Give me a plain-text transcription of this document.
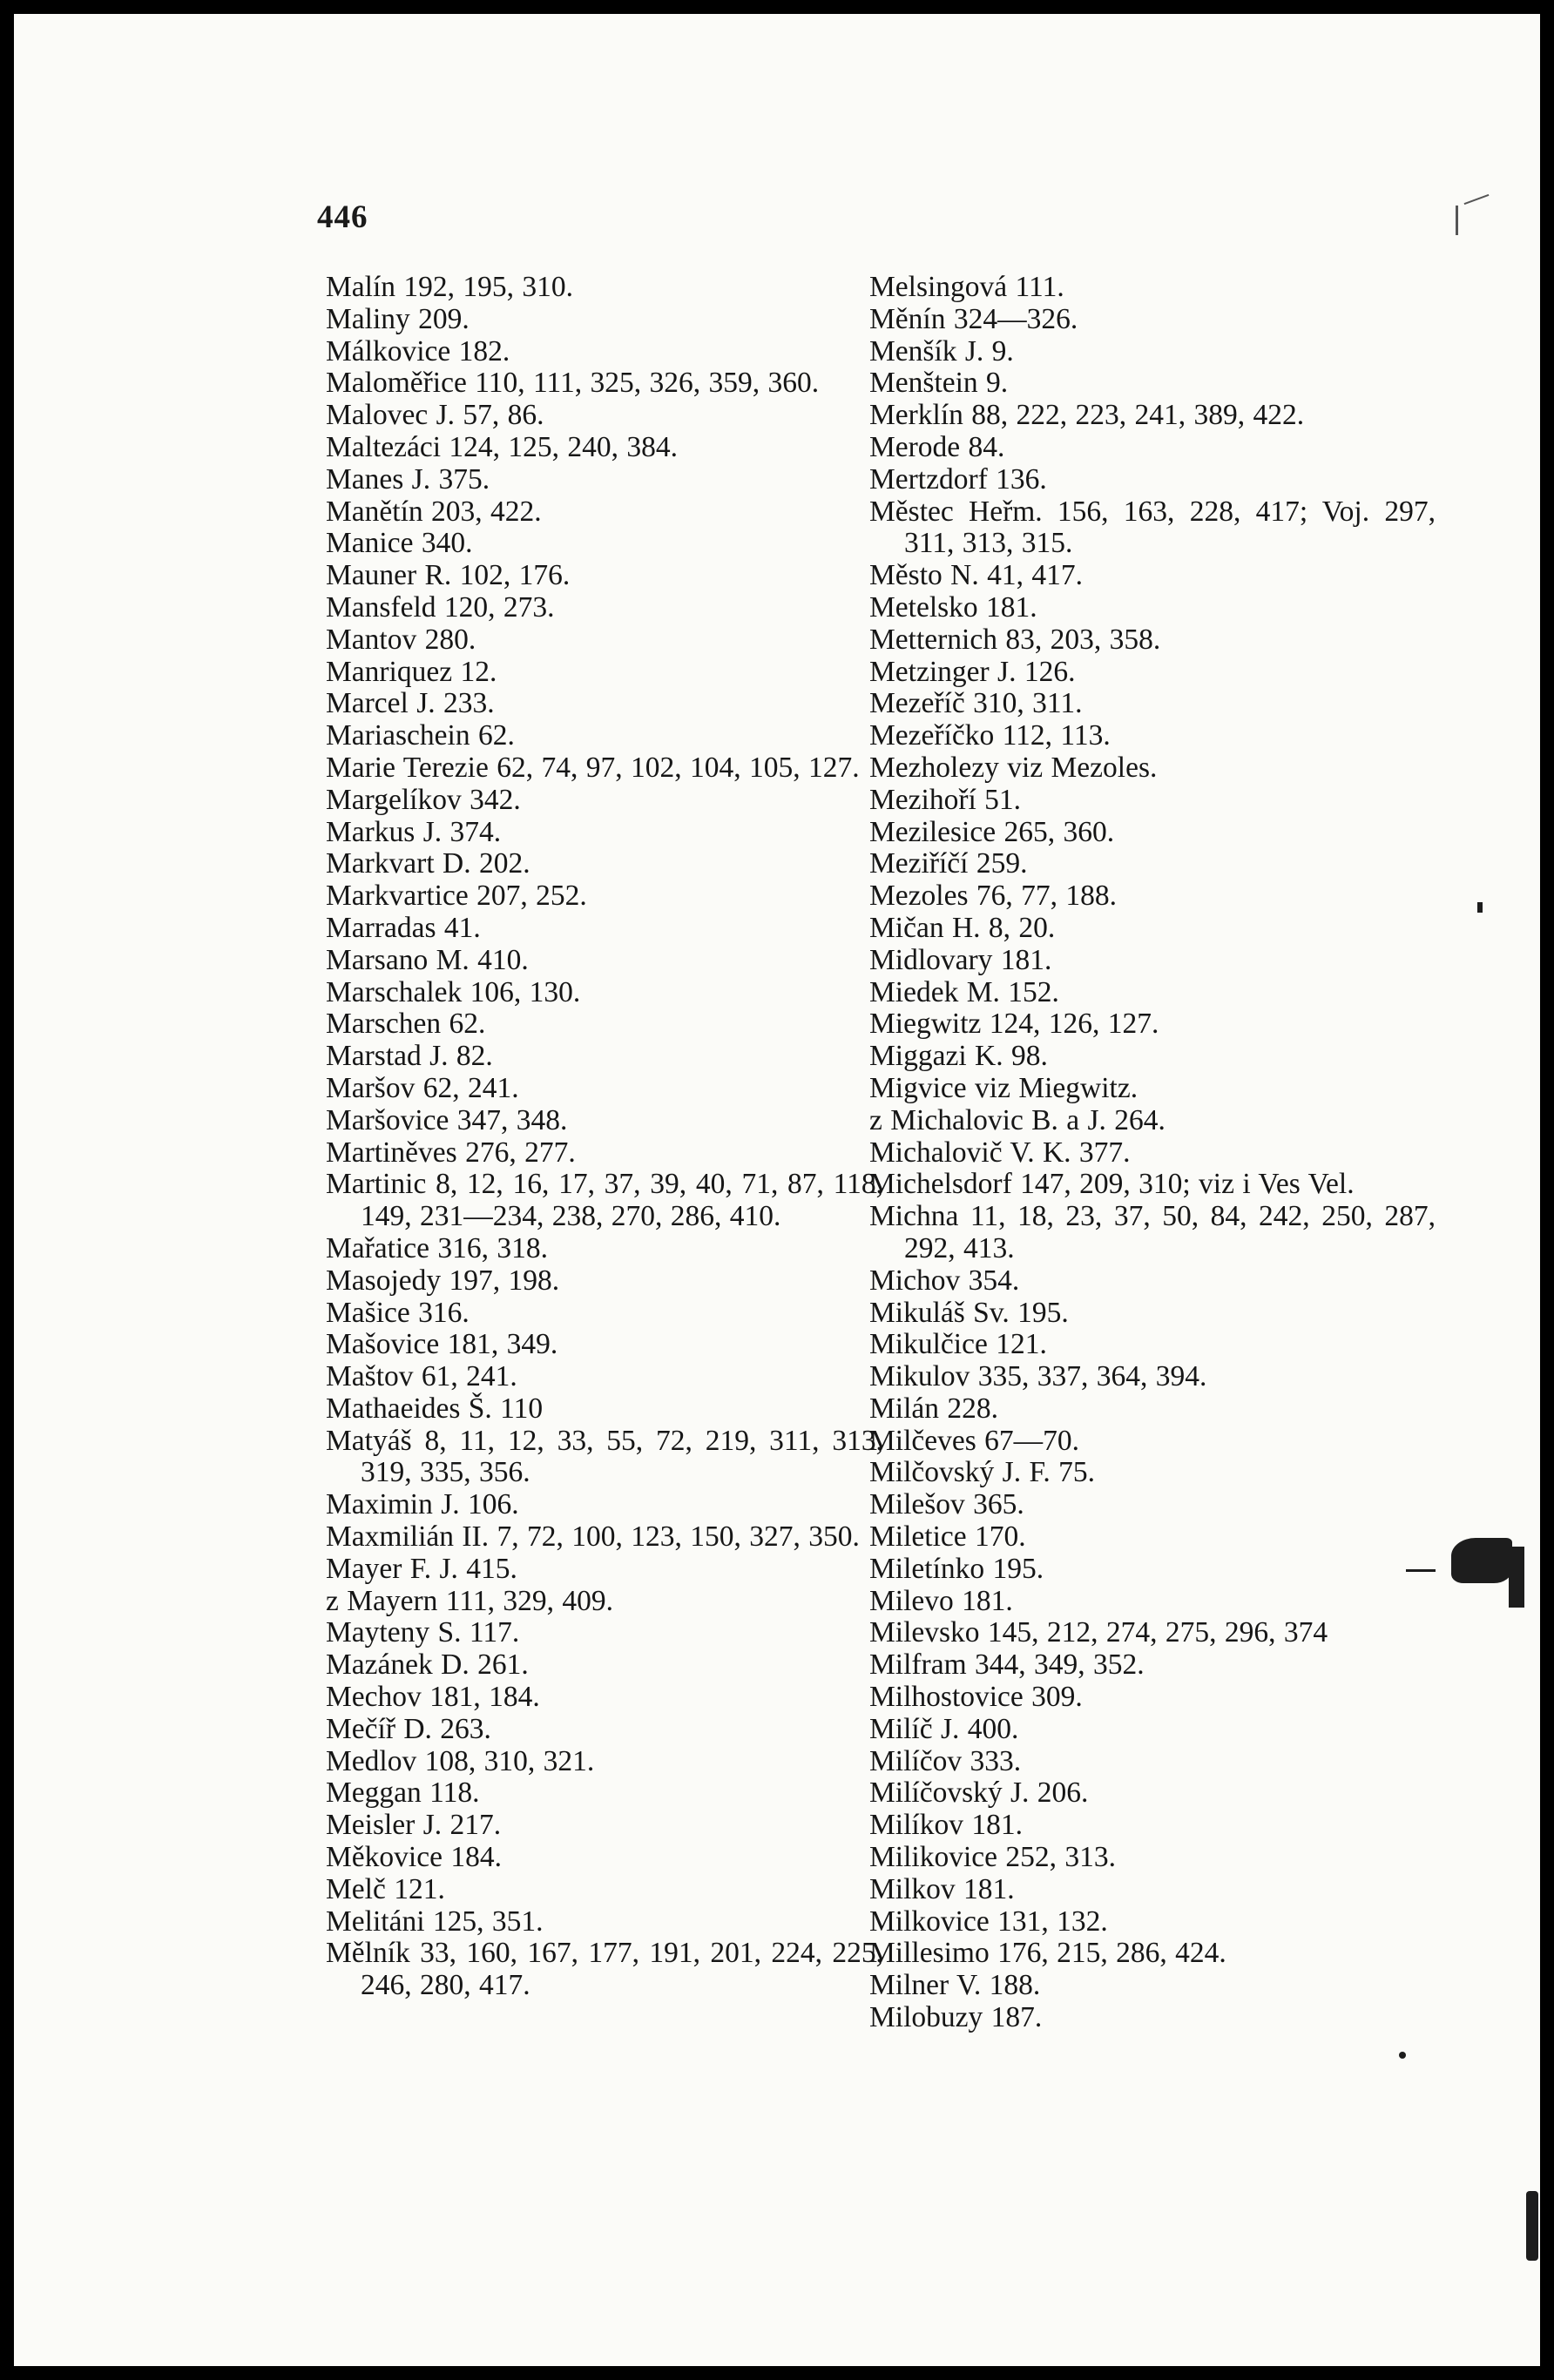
446
Malín 192, 195, 310.
Maliny 209.
Málkovice 182.
Maloměřice 110, 111, 325, 326, 359, 360.
Malovec J. 57, 86.
Maltezáci 124, 125, 240, 384.
Manes J. 375.
Manětín 203, 422.
Manice 340.
Mauner R. 102, 176.
Mansfeld 120, 273.
Mantov 280.
Manriquez 12.
Marcel J. 233.
Mariaschein 62.
Marie Terezie 62, 74, 97, 102, 104, 105, 127.
Margelíkov 342.
Markus J. 374.
Markvart D. 202.
Markvartice 207, 252.
Marradas 41.
Marsano M. 410.
Marschalek 106, 130.
Marschen 62.
Marstad J. 82.
Maršov 62, 241.
Maršovice 347, 348.
Martiněves 276, 277.
Martinic 8, 12, 16, 17, 37, 39, 40, 71, 87, 118, 149, 231—234, 238, 270, 286, 410.
Mařatice 316, 318.
Masojedy 197, 198.
Mašice 316.
Mašovice 181, 349.
Maštov 61, 241.
Mathaeides Š. 110
Matyáš 8, 11, 12, 33, 55, 72, 219, 311, 313, 319, 335, 356.
Maximin J. 106.
Maxmilián II. 7, 72, 100, 123, 150, 327, 350.
Mayer F. J. 415.
z Mayern 111, 329, 409.
Mayteny S. 117.
Mazánek D. 261.
Mechov 181, 184.
Mečíř D. 263.
Medlov 108, 310, 321.
Meggan 118.
Meisler J. 217.
Měkovice 184.
Melč 121.
Melitáni 125, 351.
Mělník 33, 160, 167, 177, 191, 201, 224, 225, 246, 280, 417.
Melsingová 111.
Měnín 324—326.
Menšík J. 9.
Menštein 9.
Merklín 88, 222, 223, 241, 389, 422.
Merode 84.
Mertzdorf 136.
Městec Heřm. 156, 163, 228, 417; Voj. 297, 311, 313, 315.
Město N. 41, 417.
Metelsko 181.
Metternich 83, 203, 358.
Metzinger J. 126.
Mezeříč 310, 311.
Mezeříčko 112, 113.
Mezholezy viz Mezoles.
Mezihoří 51.
Mezilesice 265, 360.
Meziříčí 259.
Mezoles 76, 77, 188.
Mičan H. 8, 20.
Midlovary 181.
Miedek M. 152.
Miegwitz 124, 126, 127.
Miggazi K. 98.
Migvice viz Miegwitz.
z Michalovic B. a J. 264.
Michalovič V. K. 377.
Michelsdorf 147, 209, 310; viz i Ves Vel.
Michna 11, 18, 23, 37, 50, 84, 242, 250, 287, 292, 413.
Michov 354.
Mikuláš Sv. 195.
Mikulčice 121.
Mikulov 335, 337, 364, 394.
Milán 228.
Milčeves 67—70.
Milčovský J. F. 75.
Milešov 365.
Miletice 170.
Miletínko 195.
Milevo 181.
Milevsko 145, 212, 274, 275, 296, 374
Milfram 344, 349, 352.
Milhostovice 309.
Milíč J. 400.
Milíčov 333.
Milíčovský J. 206.
Milíkov 181.
Milikovice 252, 313.
Milkov 181.
Milkovice 131, 132.
Millesimo 176, 215, 286, 424.
Milner V. 188.
Milobuzy 187.
